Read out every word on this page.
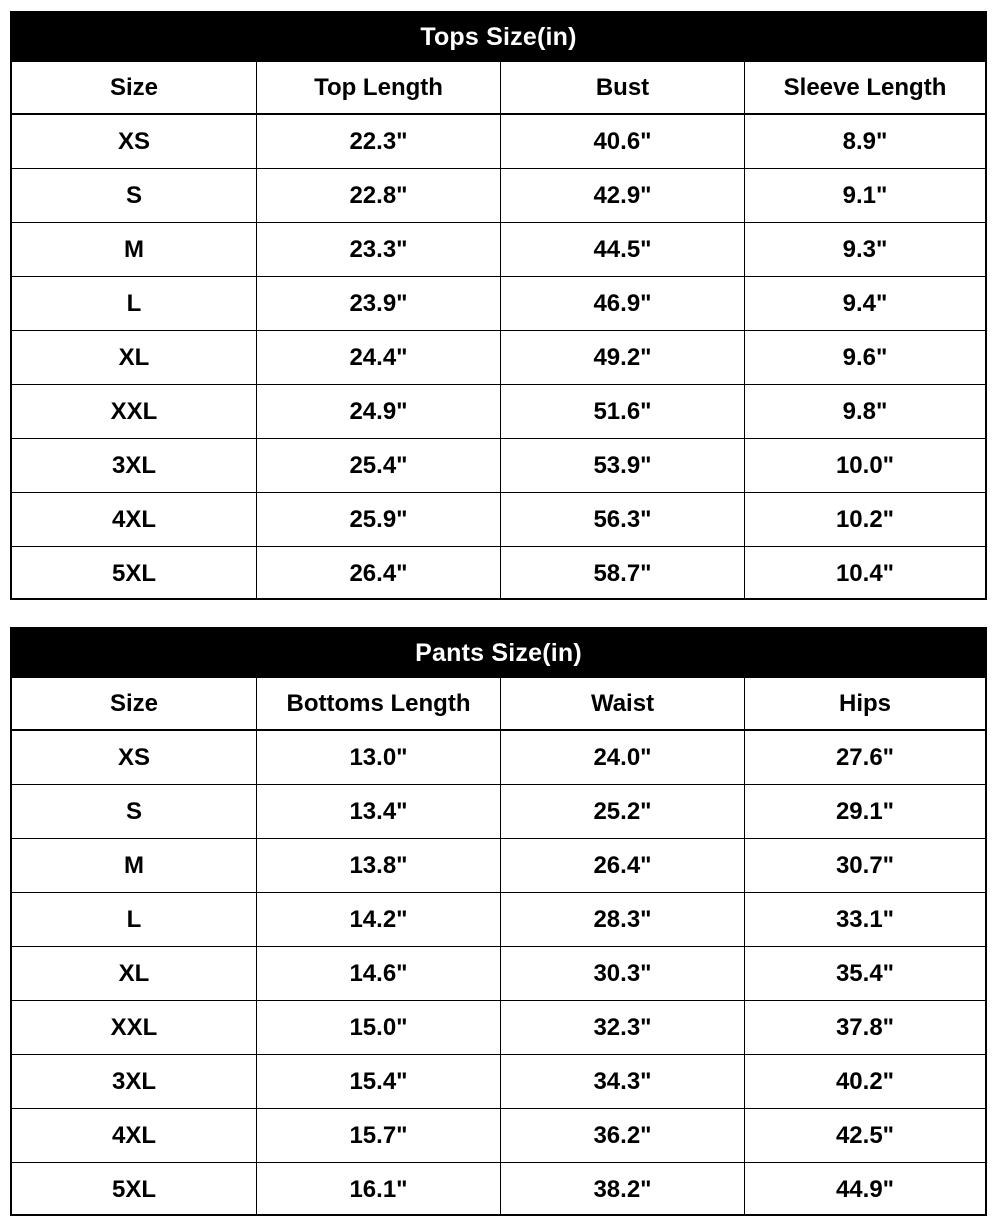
Tops Size(in)
Size	Top Length	Bust	Sleeve Length
XS	22.3"	40.6"	8.9"
S	22.8"	42.9"	9.1"
M	23.3"	44.5"	9.3"
L	23.9"	46.9"	9.4"
XL	24.4"	49.2"	9.6"
XXL	24.9"	51.6"	9.8"
3XL	25.4"	53.9"	10.0"
4XL	25.9"	56.3"	10.2"
5XL	26.4"	58.7"	10.4"
Pants Size(in)
Size	Bottoms Length	Waist	Hips
XS	13.0"	24.0"	27.6"
S	13.4"	25.2"	29.1"
M	13.8"	26.4"	30.7"
L	14.2"	28.3"	33.1"
XL	14.6"	30.3"	35.4"
XXL	15.0"	32.3"	37.8"
3XL	15.4"	34.3"	40.2"
4XL	15.7"	36.2"	42.5"
5XL	16.1"	38.2"	44.9"
